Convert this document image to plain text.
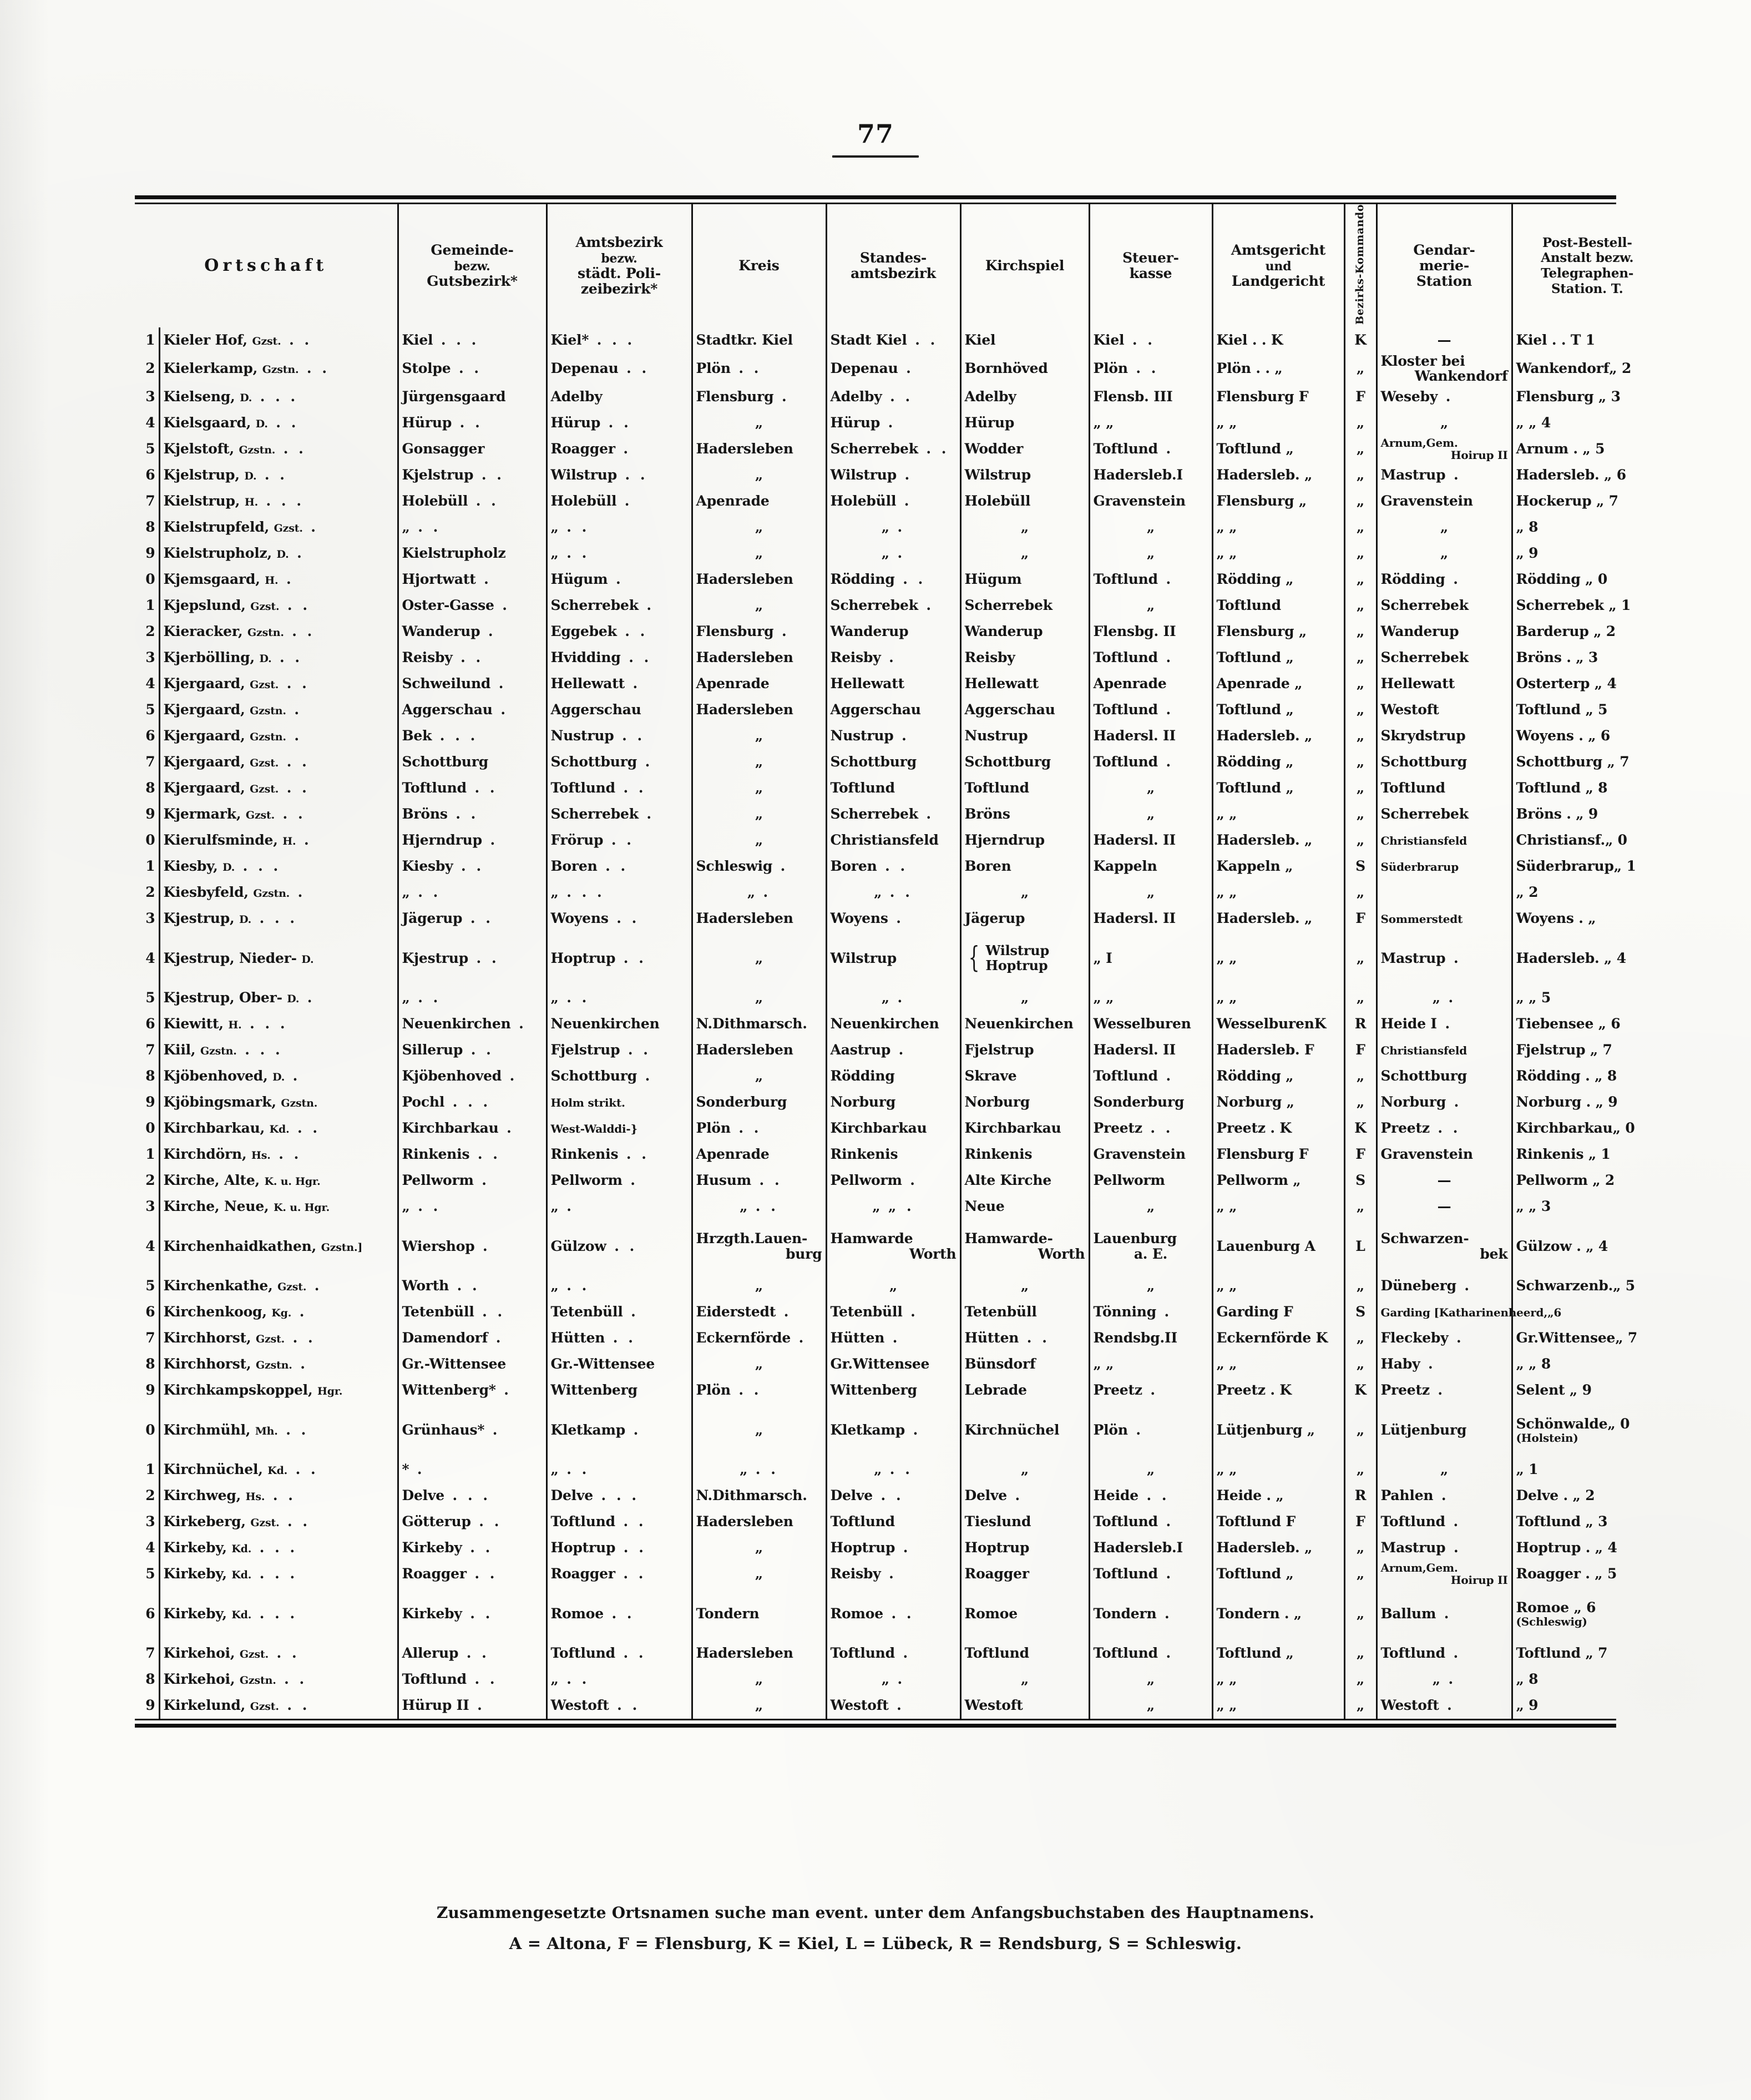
77
Ortschaft		Gemeinde-
bezw.
Gutsbezirk*	Amtsbezirk
bezw.
städt. Poli-
zeibezirk*	Kreis	Standes-
amtsbezirk	Kirchspiel	Steuer-
kasse	Amtsgericht
und
Landgericht	Bezirks-Kommando	Gendar-
merie-
Station	Post-Bestell-
Anstalt bezw.
Telegraphen-
Station. T.
1	Kieler Hof, Gzst. . .	Kiel . . .	Kiel* . . .	Stadtkr. Kiel	Stadt Kiel . .	Kiel	Kiel . .	Kiel . . K	K	—	Kiel . . T 1
2	Kielerkamp, Gzstn. . .	Stolpe . .	Depenau . .	Plön . .	Depenau .	Bornhöved	Plön . .	Plön . . „	„	Kloster bei
Wankendorf	Wankendorf„ 2
3	Kielseng, D. . . .	Jürgensgaard	Adelby	Flensburg .	Adelby . .	Adelby	Flensb. III	Flensburg F	F	Weseby .	Flensburg „ 3
4	Kielsgaard, D. . .	Hürup . .	Hürup . .	„	Hürup .	Hürup	„ „	„ „	„	„	„ „ 4
5	Kjelstoft, Gzstn. . .	Gonsagger	Roagger .	Hadersleben	Scherrebek . .	Wodder	Toftlund .	Toftlund „	„	Arnum,Gem.
Hoirup II	Arnum . „ 5
6	Kjelstrup, D. . .	Kjelstrup . .	Wilstrup . .	„	Wilstrup .	Wilstrup	Hadersleb.I	Hadersleb. „	„	Mastrup .	Hadersleb. „ 6
7	Kielstrup, H. . . .	Holebüll . .	Holebüll .	Apenrade	Holebüll .	Holebüll	Gravenstein	Flensburg „	„	Gravenstein	Hockerup „ 7
8	Kielstrupfeld, Gzst. .	„ . .	„ . .	„	„ .	„	„	„ „	„	„	„ 8
9	Kielstrupholz, D. .	Kielstrupholz	„ . .	„	„ .	„	„	„ „	„	„	„ 9
0	Kjemsgaard, H. .	Hjortwatt .	Hügum .	Hadersleben	Rödding . .	Hügum	Toftlund .	Rödding „	„	Rödding .	Rödding „ 0
1	Kjepslund, Gzst. . .	Oster-Gasse .	Scherrebek .	„	Scherrebek .	Scherrebek	„	Toftlund	„	Scherrebek	Scherrebek „ 1
2	Kieracker, Gzstn. . .	Wanderup .	Eggebek . .	Flensburg .	Wanderup	Wanderup	Flensbg. II	Flensburg „	„	Wanderup	Barderup „ 2
3	Kjerbölling, D. . .	Reisby . .	Hvidding . .	Hadersleben	Reisby .	Reisby	Toftlund .	Toftlund „	„	Scherrebek	Bröns . „ 3
4	Kjergaard, Gzst. . .	Schweilund .	Hellewatt .	Apenrade	Hellewatt	Hellewatt	Apenrade	Apenrade „	„	Hellewatt	Osterterp „ 4
5	Kjergaard, Gzstn. .	Aggerschau .	Aggerschau	Hadersleben	Aggerschau	Aggerschau	Toftlund .	Toftlund „	„	Westoft	Toftlund „ 5
6	Kjergaard, Gzstn. .	Bek . . .	Nustrup . .	„	Nustrup .	Nustrup	Hadersl. II	Hadersleb. „	„	Skrydstrup	Woyens . „ 6
7	Kjergaard, Gzst. . .	Schottburg	Schottburg .	„	Schottburg	Schottburg	Toftlund .	Rödding „	„	Schottburg	Schottburg „ 7
8	Kjergaard, Gzst. . .	Toftlund . .	Toftlund . .	„	Toftlund	Toftlund	„	Toftlund „	„	Toftlund	Toftlund „ 8
9	Kjermark, Gzst. . .	Bröns . .	Scherrebek .	„	Scherrebek .	Bröns	„	„ „	„	Scherrebek	Bröns . „ 9
0	Kierulfsminde, H. .	Hjerndrup .	Frörup . .	„	Christiansfeld	Hjerndrup	Hadersl. II	Hadersleb. „	„	Christiansfeld	Christiansf.„ 0
1	Kiesby, D. . . .	Kiesby . .	Boren . .	Schleswig .	Boren . .	Boren	Kappeln	Kappeln „	S	Süderbrarup	Süderbrarup„ 1
2	Kiesbyfeld, Gzstn. .	„ . .	„ . . .	„ .	„ . .	„	„	„ „	„		„ 2
3	Kjestrup, D. . . .	Jägerup . .	Woyens . .	Hadersleben	Woyens .	Jägerup	Hadersl. II	Hadersleb. „	F	Sommerstedt	Woyens . „
4	Kjestrup, Nieder- D.	Kjestrup . .	Hoptrup . .	„	Wilstrup	{ Wilstrup
Hoptrup	„ I	„ „	„	Mastrup .	Hadersleb. „ 4
5	Kjestrup, Ober- D. .	„ . .	„ . .	„	„ .	„	„ „	„ „	„	„ .	„ „ 5
6	Kiewitt, H. . . .	Neuenkirchen .	Neuenkirchen	N.Dithmarsch.	Neuenkirchen	Neuenkirchen	Wesselburen	WesselburenK	R	Heide I .	Tiebensee „ 6
7	Kiil, Gzstn. . . .	Sillerup . .	Fjelstrup . .	Hadersleben	Aastrup .	Fjelstrup	Hadersl. II	Hadersleb. F	F	Christiansfeld	Fjelstrup „ 7
8	Kjöbenhoved, D. .	Kjöbenhoved .	Schottburg .	„	Rödding	Skrave	Toftlund .	Rödding „	„	Schottburg	Rödding . „ 8
9	Kjöbingsmark, Gzstn.	Pochl . . .	Holm strikt.	Sonderburg	Norburg	Norburg	Sonderburg	Norburg „	„	Norburg .	Norburg . „ 9
0	Kirchbarkau, Kd. . .	Kirchbarkau .	West-Walddi-}	Plön . .	Kirchbarkau	Kirchbarkau	Preetz . .	Preetz . K	K	Preetz . .	Kirchbarkau„ 0
1	Kirchdörn, Hs. . .	Rinkenis . .	Rinkenis . .	Apenrade	Rinkenis	Rinkenis	Gravenstein	Flensburg F	F	Gravenstein	Rinkenis „ 1
2	Kirche, Alte, K. u. Hgr.	Pellworm .	Pellworm .	Husum . .	Pellworm .	Alte Kirche	Pellworm	Pellworm „	S	—	Pellworm „ 2
3	Kirche, Neue, K. u. Hgr.	„ . .	„ .	„ . .	„ „ .	Neue	„	„ „	„	—	„ „ 3
4	Kirchenhaidkathen, Gzstn.]	Wiershop .	Gülzow . .	Hrzgth.Lauen-
burg	Hamwarde
Worth	Hamwarde-
Worth	Lauenburg
a. E.	Lauenburg A	L	Schwarzen-
bek	Gülzow . „ 4
5	Kirchenkathe, Gzst. .	Worth . .	„ . .	„	„	„	„	„ „	„	Düneberg .	Schwarzenb.„ 5
6	Kirchenkoog, Kg. .	Tetenbüll . .	Tetenbüll .	Eiderstedt .	Tetenbüll .	Tetenbüll	Tönning .	Garding F	S	Garding [Katharinenheerd,„6	
7	Kirchhorst, Gzst. . .	Damendorf .	Hütten . .	Eckernförde .	Hütten .	Hütten . .	Rendsbg.II	Eckernförde K	„	Fleckeby .	Gr.Wittensee„ 7
8	Kirchhorst, Gzstn. .	Gr.-Wittensee	Gr.-Wittensee	„	Gr.Wittensee	Bünsdorf	„ „	„ „	„	Haby .	„ „ 8
9	Kirchkampskoppel, Hgr.	Wittenberg* .	Wittenberg	Plön . .	Wittenberg	Lebrade	Preetz .	Preetz . K	K	Preetz .	Selent „ 9
0	Kirchmühl, Mh. . .	Grünhaus* .	Kletkamp .	„	Kletkamp .	Kirchnüchel	Plön .	Lütjenburg „	„	Lütjenburg	Schönwalde„ 0
(Holstein)

1	Kirchnüchel, Kd. . .	* .	„ . .	„ . .	„ . .	„	„	„ „	„	„	„ 1
2	Kirchweg, Hs. . .	Delve . . .	Delve . . .	N.Dithmarsch.	Delve . .	Delve .	Heide . .	Heide . „	R	Pahlen .	Delve . „ 2
3	Kirkeberg, Gzst. . .	Götterup . .	Toftlund . .	Hadersleben	Toftlund	Tieslund	Toftlund .	Toftlund F	F	Toftlund .	Toftlund „ 3
4	Kirkeby, Kd. . . .	Kirkeby . .	Hoptrup . .	„	Hoptrup .	Hoptrup	Hadersleb.I	Hadersleb. „	„	Mastrup .	Hoptrup . „ 4
5	Kirkeby, Kd. . . .	Roagger . .	Roagger . .	„	Reisby .	Roagger	Toftlund .	Toftlund „	„	Arnum,Gem.
Hoirup II	Roagger . „ 5
6	Kirkeby, Kd. . . .	Kirkeby . .	Romoe . .	Tondern	Romoe . .	Romoe	Tondern .	Tondern . „	„	Ballum .	Romoe „ 6
(Schleswig)

7	Kirkehoi, Gzst. . .	Allerup . .	Toftlund . .	Hadersleben	Toftlund .	Toftlund	Toftlund .	Toftlund „	„	Toftlund .	Toftlund „ 7
8	Kirkehoi, Gzstn. . .	Toftlund . .	„ . .	„	„ .	„	„	„ „	„	„ .	„ 8
9	Kirkelund, Gzst. . .	Hürup II .	Westoft . .	„	Westoft .	Westoft	„	„ „	„	Westoft .	„ 9

Zusammengesetzte Ortsnamen suche man event. unter dem Anfangsbuchstaben des Hauptnamens.

A = Altona, F = Flensburg, K = Kiel, L = Lübeck, R = Rendsburg, S = Schleswig.
